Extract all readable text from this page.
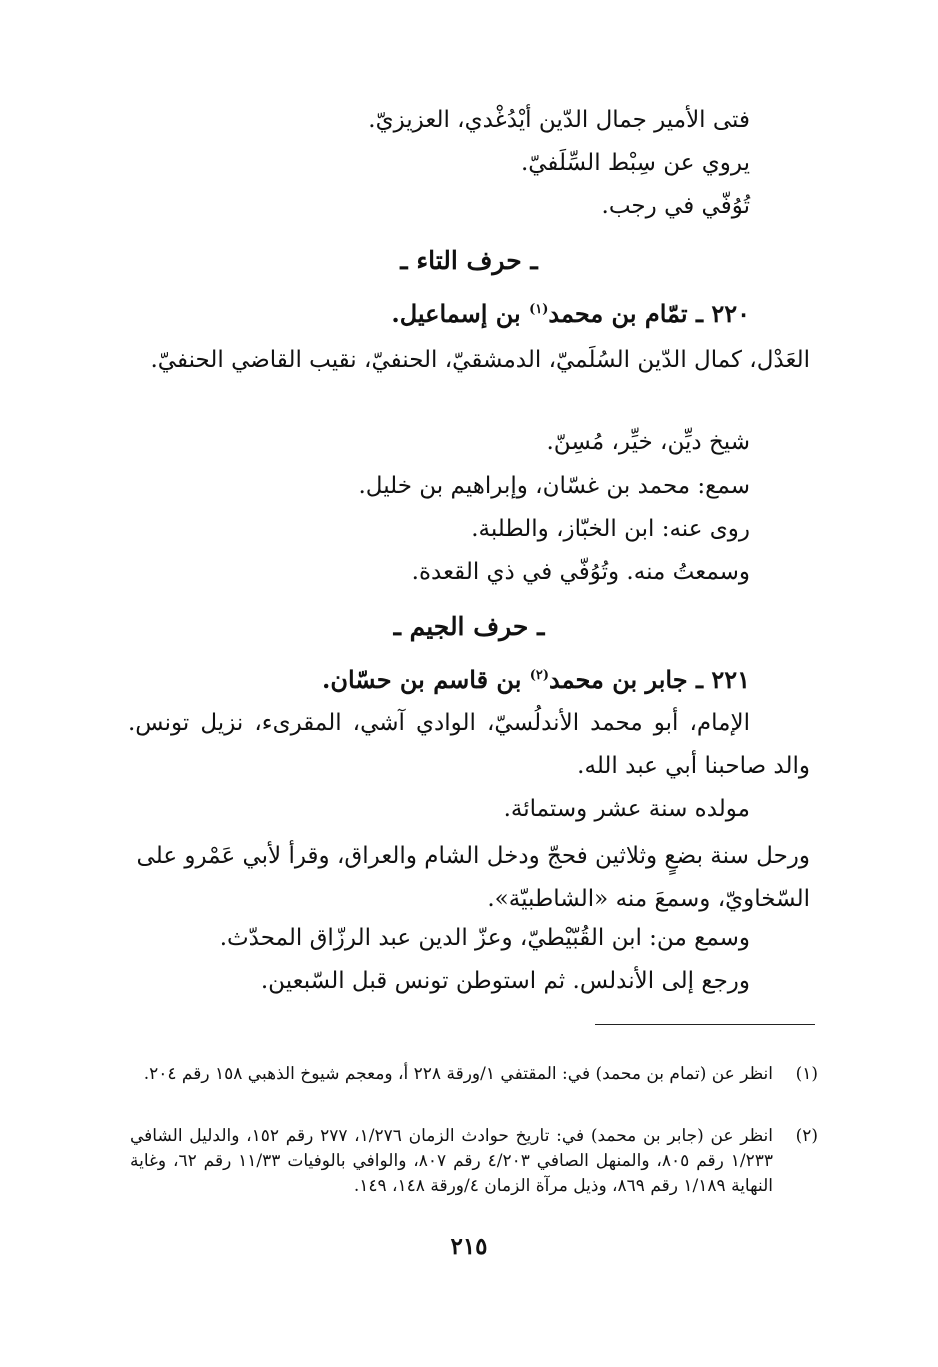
فتى الأمير جمال الدّين أيْدُغْدي، العزيزيّ.
يروي عن سِبْط السِّلَفيّ.
تُوُفّي في رجب.
ـ حرف التاء ـ
٢٢٠ ـ تمّام بن محمد$^{(١)}$ بن إسماعيل.
العَدْل، كمال الدّين السُلَميّ، الدمشقيّ، الحنفيّ، نقيب القاضي الحنفيّ.
شيخ ديِّن، خيِّر، مُسِنّ.
سمع: محمد بن غسّان، وإبراهيم بن خليل.
روى عنه: ابن الخبّاز، والطلبة.
وسمعتُ منه. وتُوُفّي في ذي القعدة.
ـ حرف الجيم ـ
٢٢١ ـ جابر بن محمد$^{(٢)}$ بن قاسم بن حسّان.
الإمام، أبو محمد الأندلُسيّ، الوادي آشي، المقرىء، نزيل تونس.
والد صاحبنا أبي عبد الله.
مولده سنة عشر وستمائة.
ورحل سنة بضعٍ وثلاثين فحجّ ودخل الشام والعراق، وقرأ لأبي عَمْرو على السّخاويّ، وسمعَ منه «الشاطبيّة».
وسمع من: ابن القُبّيْطيّ، وعزّ الدين عبد الرزّاق المحدّث.
ورجع إلى الأندلس. ثم استوطن تونس قبل السّبعين.
(١)
انظر عن (تمام بن محمد) في: المقتفي ١/ورقة ٢٢٨ أ، ومعجم شيوخ الذهبي ١٥٨ رقم ٢٠٤.
(٢)
انظر عن (جابر بن محمد) في: تاريخ حوادث الزمان ١/٢٧٦، ٢٧٧ رقم ١٥٢، والدليل الشافي ١/٢٣٣ رقم ٨٠٥، والمنهل الصافي ٤/٢٠٣ رقم ٨٠٧، والوافي بالوفيات ١١/٣٣ رقم ٦٢، وغاية النهاية ١/١٨٩ رقم ٨٦٩، وذيل مرآة الزمان ٤/ورقة ١٤٨، ١٤٩.
٢١٥
